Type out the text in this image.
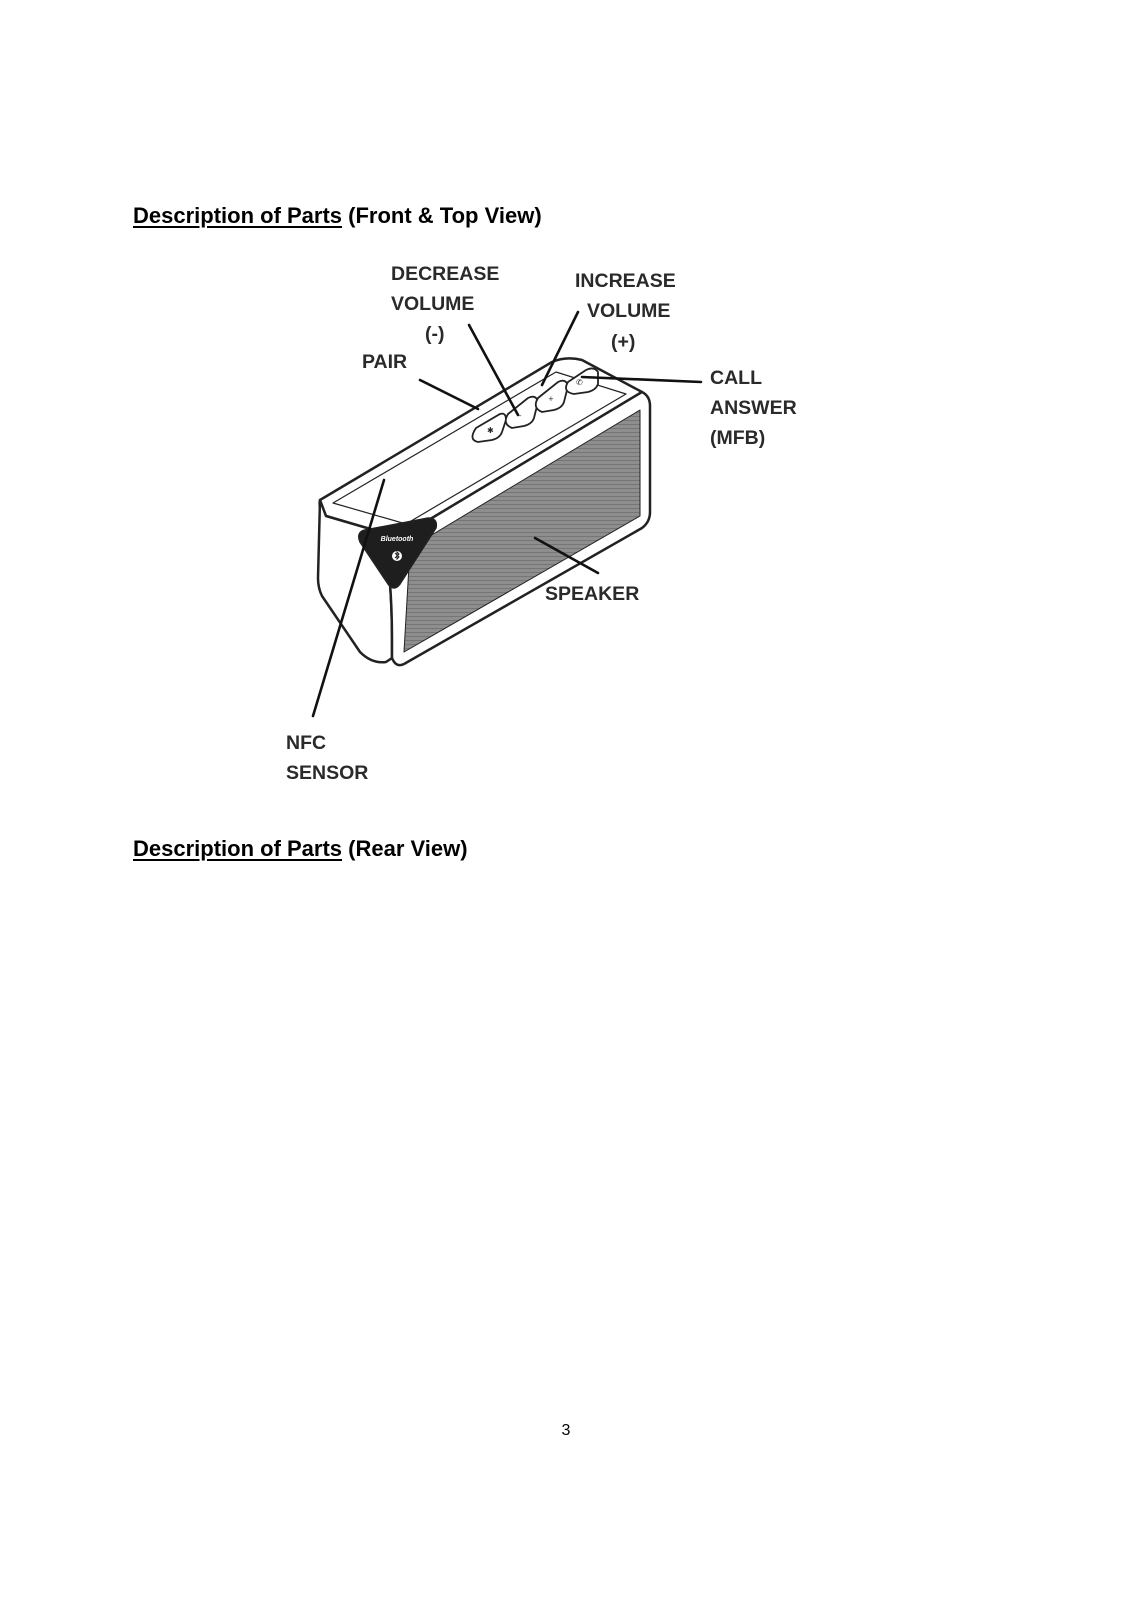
Description of Parts (Front & Top View)
Bluetooth
✱
-
+
✆
DECREASE VOLUME (-)
INCREASE VOLUME (+)
PAIR
CALL ANSWER (MFB)
SPEAKER
NFC SENSOR
Description of Parts (Rear View)
3
